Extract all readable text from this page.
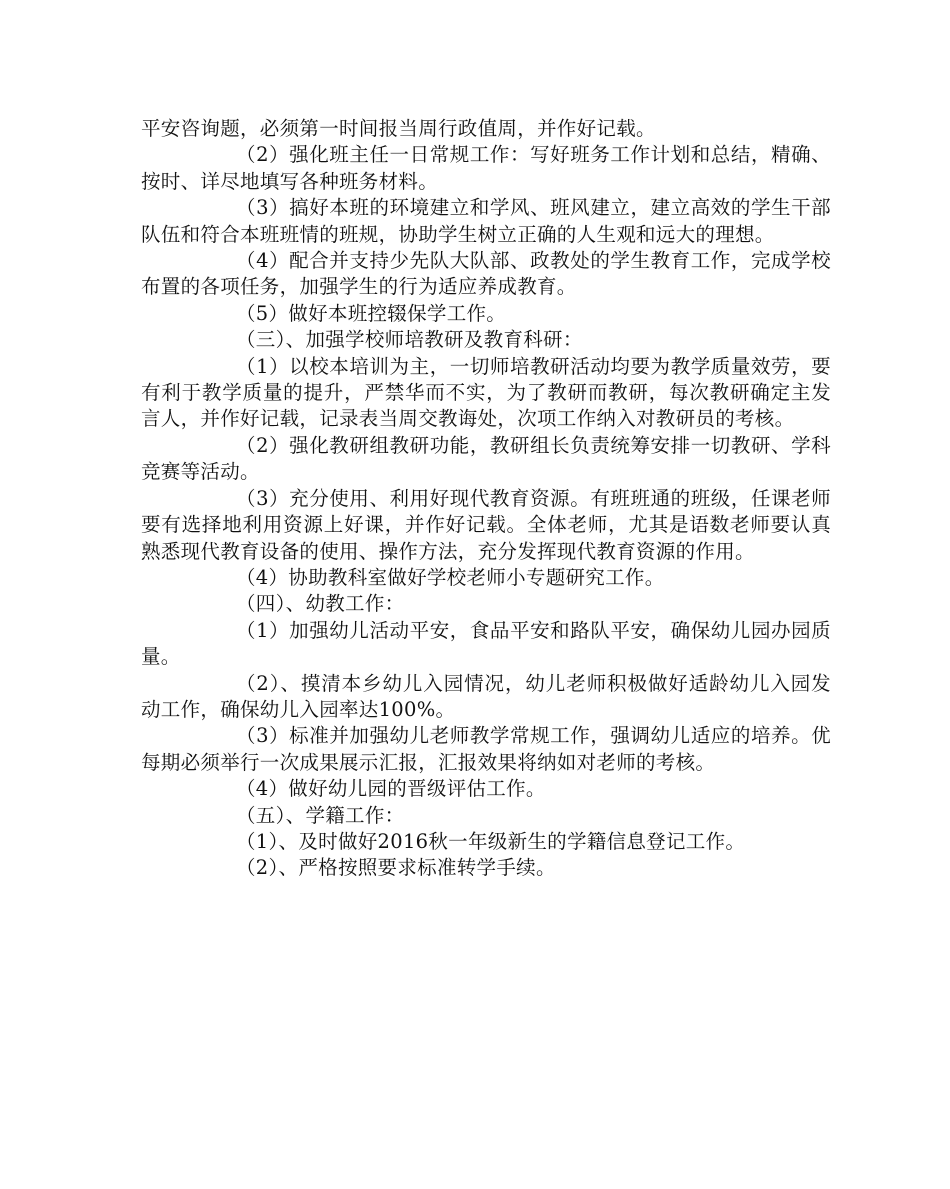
平安咨询题，必须第一时间报当周行政值周，并作好记载。

（2）强化班主任一日常规工作：写好班务工作计划和总结，精确、按时、详尽地填写各种班务材料。

（3）搞好本班的环境建立和学风、班风建立，建立高效的学生干部队伍和符合本班班情的班规，协助学生树立正确的人生观和远大的理想。

（4）配合并支持少先队大队部、政教处的学生教育工作，完成学校布置的各项任务，加强学生的行为适应养成教育。

（5）做好本班控辍保学工作。

（三）、加强学校师培教研及教育科研：

（1）以校本培训为主，一切师培教研活动均要为教学质量效劳，要有利于教学质量的提升，严禁华而不实，为了教研而教研，每次教研确定主发言人，并作好记载，记录表当周交教诲处，次项工作纳入对教研员的考核。

（2）强化教研组教研功能，教研组长负责统筹安排一切教研、学科竞赛等活动。

（3）充分使用、利用好现代教育资源。有班班通的班级，任课老师要有选择地利用资源上好课，并作好记载。全体老师，尤其是语数老师要认真熟悉现代教育设备的使用、操作方法，充分发挥现代教育资源的作用。

（4）协助教科室做好学校老师小专题研究工作。

（四）、幼教工作：

（1）加强幼儿活动平安，食品平安和路队平安，确保幼儿园办园质量。

（2）、摸清本乡幼儿入园情况，幼儿老师积极做好适龄幼儿入园发动工作，确保幼儿入园率达100%。

（3）标准并加强幼儿老师教学常规工作，强调幼儿适应的培养。优每期必须举行一次成果展示汇报，汇报效果将纳如对老师的考核。

（4）做好幼儿园的晋级评估工作。

（五）、学籍工作：

（1）、及时做好2016秋一年级新生的学籍信息登记工作。

（2）、严格按照要求标准转学手续。
